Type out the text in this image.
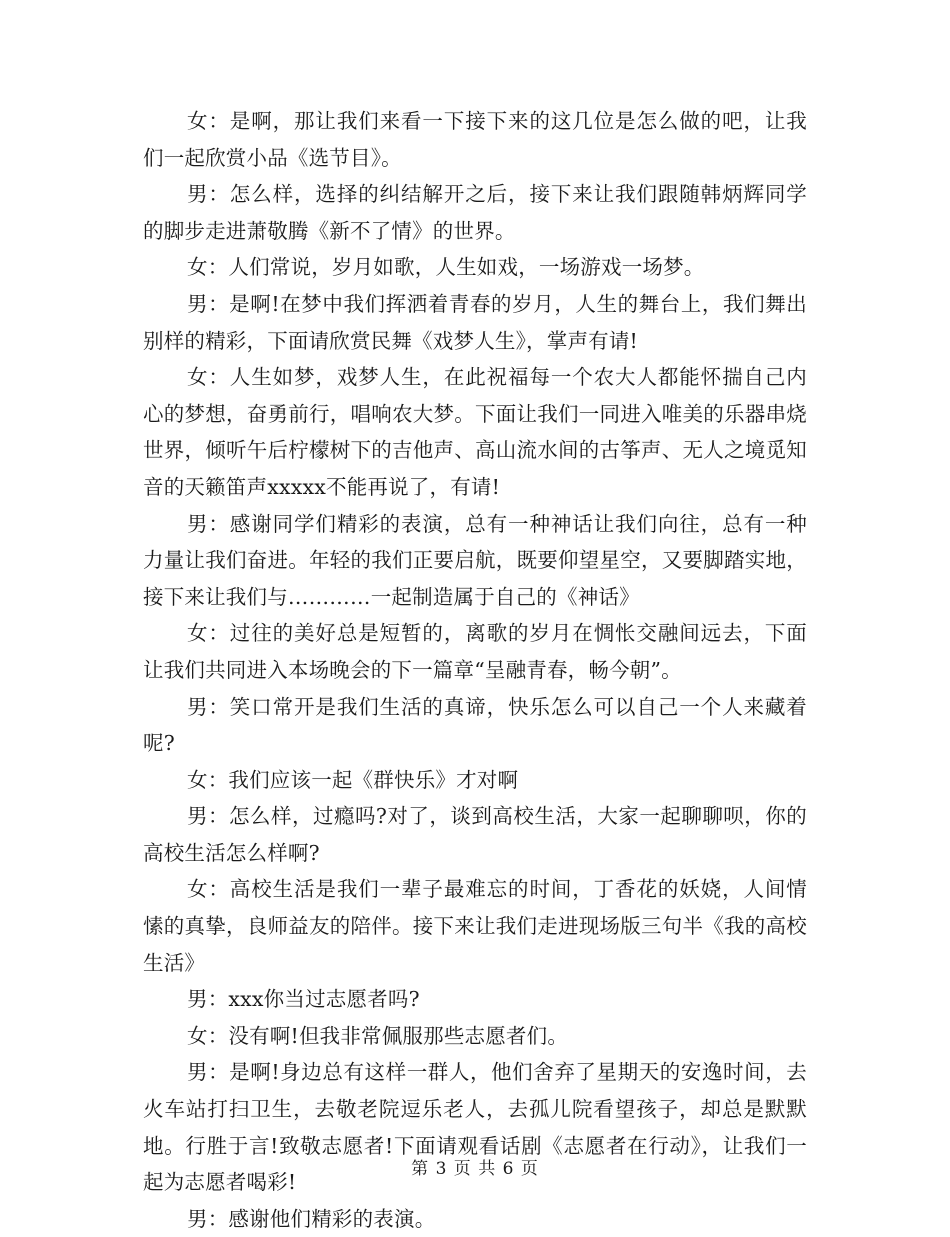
女：是啊，那让我们来看一下接下来的这几位是怎么做的吧，让我们一起欣赏小品《选节目》。

男：怎么样，选择的纠结解开之后，接下来让我们跟随韩炳辉同学的脚步走进萧敬腾《新不了情》的世界。

女：人们常说，岁月如歌，人生如戏，一场游戏一场梦。

男：是啊!在梦中我们挥洒着青春的岁月，人生的舞台上，我们舞出别样的精彩，下面请欣赏民舞《戏梦人生》，掌声有请!

女：人生如梦，戏梦人生，在此祝福每一个农大人都能怀揣自己内心的梦想，奋勇前行，唱响农大梦。下面让我们一同进入唯美的乐器串烧世界，倾听午后柠檬树下的吉他声、高山流水间的古筝声、无人之境觅知音的天籁笛声xxxxx不能再说了，有请!

男：感谢同学们精彩的表演，总有一种神话让我们向往，总有一种力量让我们奋进。年轻的我们正要启航，既要仰望星空，又要脚踏实地，接下来让我们与…………一起制造属于自己的《神话》

女：过往的美好总是短暂的，离歌的岁月在惆怅交融间远去，下面让我们共同进入本场晚会的下一篇章“呈融青春，畅今朝”。

男：笑口常开是我们生活的真谛，快乐怎么可以自己一个人来藏着呢?

女：我们应该一起《群快乐》才对啊

男：怎么样，过瘾吗?对了，谈到高校生活，大家一起聊聊呗，你的高校生活怎么样啊?

女：高校生活是我们一辈子最难忘的时间，丁香花的妖娆，人间情愫的真挚，良师益友的陪伴。接下来让我们走进现场版三句半《我的高校生活》

男：xxx你当过志愿者吗?

女：没有啊!但我非常佩服那些志愿者们。

男：是啊!身边总有这样一群人，他们舍弃了星期天的安逸时间，去火车站打扫卫生，去敬老院逗乐老人，去孤儿院看望孩子，却总是默默地。行胜于言!致敬志愿者!下面请观看话剧《志愿者在行动》，让我们一起为志愿者喝彩!

男：感谢他们精彩的表演。

第 3 页 共 6 页
